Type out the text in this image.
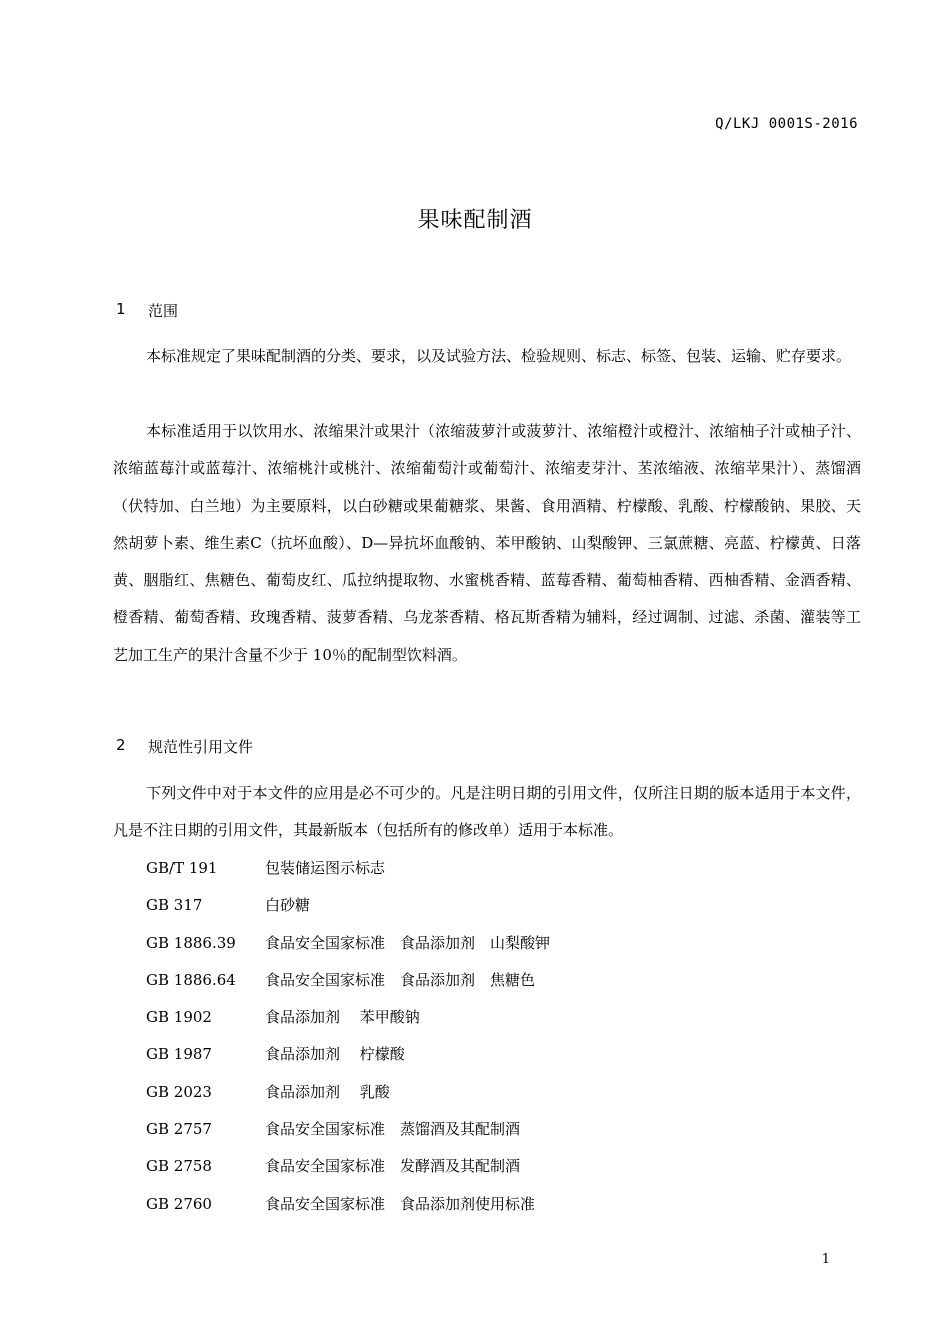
Q/LKJ 0001S-2016
果味配制酒
1	范围

本标准规定了果味配制酒的分类、要求，以及试验方法、检验规则、标志、标签、包装、运输、贮存要求。

本标准适用于以饮用水、浓缩果汁或果汁（浓缩菠萝汁或菠萝汁、浓缩橙汁或橙汁、浓缩柚子汁或柚子汁、浓缩蓝莓汁或蓝莓汁、浓缩桃汁或桃汁、浓缩葡萄汁或葡萄汁、浓缩麦芽汁、苤浓缩液、浓缩苹果汁）、蒸馏酒（伏特加、白兰地）为主要原料，以白砂糖或果葡糖浆、果酱、食用酒精、柠檬酸、乳酸、柠檬酸钠、果胶、天然胡萝卜素、维生素C（抗坏血酸）、D—异抗坏血酸钠、苯甲酸钠、山梨酸钾、三氯蔗糖、亮蓝、柠檬黄、日落黄、胭脂红、焦糖色、葡萄皮红、瓜拉纳提取物、水蜜桃香精、蓝莓香精、葡萄柚香精、西柚香精、金酒香精、橙香精、葡萄香精、玫瑰香精、菠萝香精、乌龙茶香精、格瓦斯香精为辅料，经过调制、过滤、杀菌、灌装等工艺加工生产的果汁含量不少于 10％的配制型饮料酒。

2	规范性引用文件

下列文件中对于本文件的应用是必不可少的。凡是注明日期的引用文件，仅所注日期的版本适用于本文件，凡是不注日期的引用文件，其最新版本（包括所有的修改单）适用于本标准。

GB/T 191	包装储运图示标志
GB 317	白砂糖
GB 1886.39	食品安全国家标准　食品添加剂　山梨酸钾
GB 1886.64	食品安全国家标准　食品添加剂　焦糖色
GB 1902	食品添加剂　 苯甲酸钠
GB 1987	食品添加剂　 柠檬酸
GB 2023	食品添加剂　 乳酸
GB 2757	食品安全国家标准　蒸馏酒及其配制酒
GB 2758	食品安全国家标准　发酵酒及其配制酒
GB 2760	食品安全国家标准　食品添加剂使用标准
1
